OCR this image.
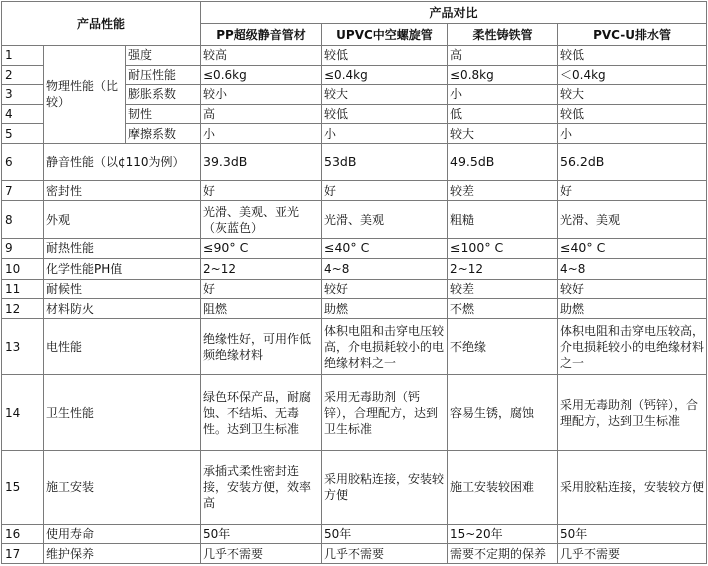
产品性能			产品对比			
			PP超级静音管材	UPVC中空螺旋管	柔性铸铁管	PVC-U排水管
1	物理性能（比较）	强度	较高	较低	高	较低
2		耐压性能	≤0.6kg	≤0.4kg	≤0.8kg	＜0.4kg
3		膨胀系数	较小	较大	小	较大
4		韧性	高	较低	低	较低
5		摩擦系数	小	小	较大	小
6	静音性能（以¢110为例）		39.3dB	53dB	49.5dB	56.2dB
7	密封性		好	好	较差	好
8	外观		光滑、美观、亚光（灰蓝色）	光滑、美观	粗糙	光滑、美观
9	耐热性能		≤90° C	≤40° C	≤100° C	≤40° C
10	化学性能PH值		2~12	4~8	2~12	4~8
11	耐候性		好	较好	较差	较好
12	材料防火		阻燃	助燃	不燃	助燃
13	电性能		绝缘性好，可用作低频绝缘材料	体积电阻和击穿电压较高，介电损耗较小的电绝缘材料之一	不绝缘	体积电阻和击穿电压较高，介电损耗较小的电绝缘材料之一
14	卫生性能		绿色环保产品，耐腐蚀、不结垢、无毒性。达到卫生标准	采用无毒助剂（钙锌），合理配方，达到卫生标准	容易生锈，腐蚀	采用无毒助剂（钙锌），合理配方，达到卫生标准
15	施工安装		承插式柔性密封连接，安装方便，效率高	采用胶粘连接，安装较方便	施工安装较困难	采用胶粘连接，安装较方便
16	使用寿命		50年	50年	15~20年	50年
17	维护保养		几乎不需要	几乎不需要	需要不定期的保养	几乎不需要
